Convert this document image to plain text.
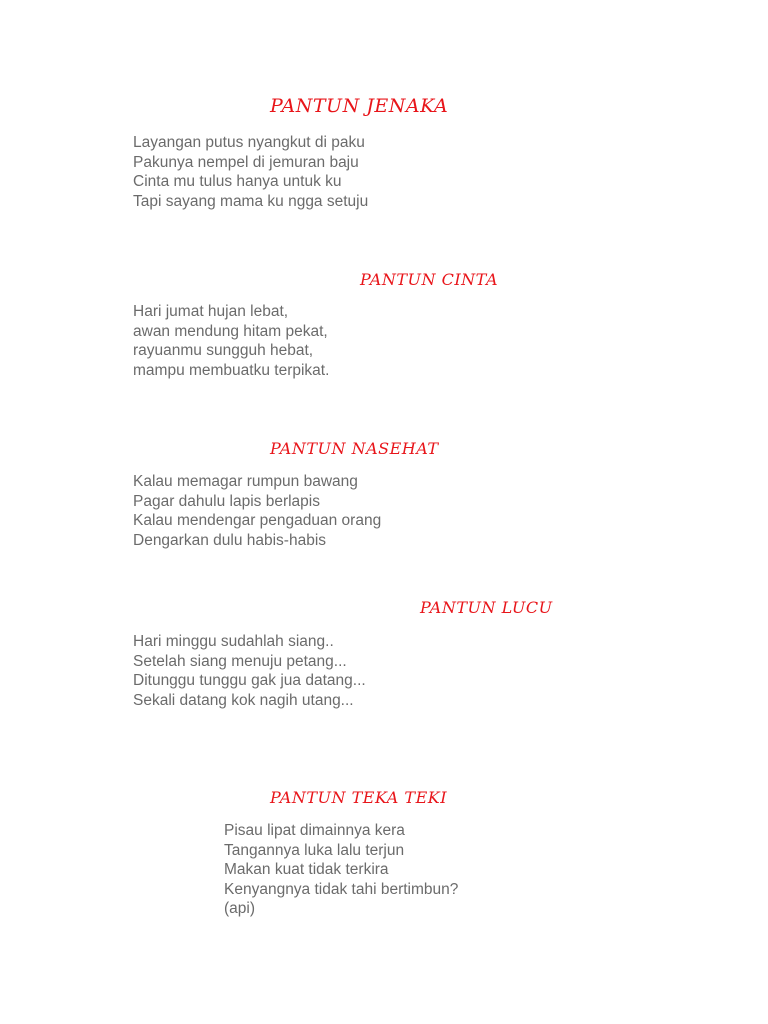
PANTUN JENAKA
Layangan putus nyangkut di paku
Pakunya nempel di jemuran baju
Cinta mu tulus hanya untuk ku
Tapi sayang mama ku ngga setuju
PANTUN CINTA
Hari jumat hujan lebat,
awan mendung hitam pekat,
rayuanmu sungguh hebat,
mampu membuatku terpikat.
PANTUN NASEHAT
Kalau memagar rumpun bawang
Pagar dahulu lapis berlapis
Kalau mendengar pengaduan orang
Dengarkan dulu habis-habis
PANTUN LUCU
Hari minggu sudahlah siang..
Setelah siang menuju petang...
Ditunggu tunggu gak jua datang...
Sekali datang kok nagih utang...
PANTUN TEKA TEKI
Pisau lipat dimainnya kera
Tangannya luka lalu terjun
Makan kuat tidak terkira
Kenyangnya tidak tahi bertimbun?
(api)
